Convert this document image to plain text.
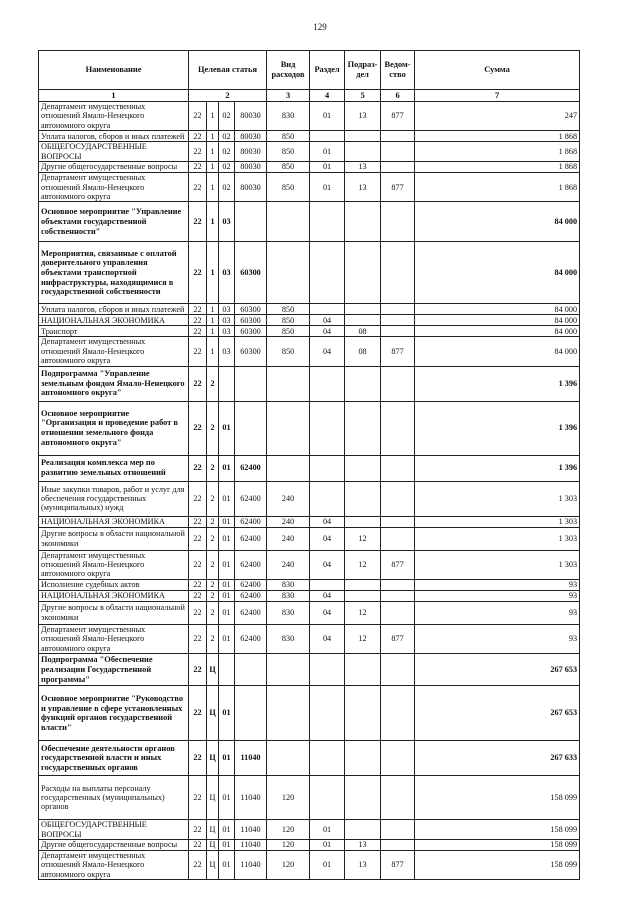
129
Наименование	Целевая статья				Вид расходов	Раздел	Подраз-дел	Ведом-ство	Сумма
1	2				3	4	5	6	7
Департамент имущественных отношений Ямало-Ненецкого автономного округа	22	1	02	80030	830	01	13	877	247
Уплата налогов, сборов и иных платежей	22	1	02	80030	850				1 868
ОБЩЕГОСУДАРСТВЕННЫЕ ВОПРОСЫ	22	1	02	80030	850	01			1 868
Другие общегосударственные вопросы	22	1	02	80030	850	01	13		1 868
Департамент имущественных отношений Ямало-Ненецкого автономного округа	22	1	02	80030	850	01	13	877	1 868
Основное мероприятие "Управление объектами государственной собственности"	22	1	03						84 000
Мероприятия, связанные с оплатой доверительного управления объектами транспортной инфраструктуры, находящимися в государственной собственности	22	1	03	60300					84 000
Уплата налогов, сборов и иных платежей	22	1	03	60300	850				84 000
НАЦИОНАЛЬНАЯ ЭКОНОМИКА	22	1	03	60300	850	04			84 000
Транспорт	22	1	03	60300	850	04	08		84 000
Департамент имущественных отношений Ямало-Ненецкого автономного округа	22	1	03	60300	850	04	08	877	84 000
Подпрограмма "Управление земельным фондом Ямало-Ненецкого автономного округа"	22	2							1 396
Основное мероприятие "Организация и проведение работ в отношении земельного фонда автономного округа"	22	2	01						1 396
Реализация комплекса мер по развитию земельных отношений	22	2	01	62400					1 396
Иные закупки товаров, работ и услуг для обеспечения государственных (муниципальных) нужд	22	2	01	62400	240				1 303
НАЦИОНАЛЬНАЯ ЭКОНОМИКА	22	2	01	62400	240	04			1 303
Другие вопросы в области национальной экономики	22	2	01	62400	240	04	12		1 303
Департамент имущественных отношений Ямало-Ненецкого автономного округа	22	2	01	62400	240	04	12	877	1 303
Исполнение судебных актов	22	2	01	62400	830				93
НАЦИОНАЛЬНАЯ ЭКОНОМИКА	22	2	01	62400	830	04			93
Другие вопросы в области национальной экономики	22	2	01	62400	830	04	12		93
Департамент имущественных отношений Ямало-Ненецкого автономного округа	22	2	01	62400	830	04	12	877	93
Подпрограмма "Обеспечение реализации Государственной программы"	22	Ц							267 653
Основное мероприятие "Руководство и управление в сфере установленных функций органов государственной власти"	22	Ц	01						267 653
Обеспечение деятельности органов государственной власти и иных государственных органов	22	Ц	01	11040					267 633
Расходы на выплаты персоналу государственных (муниципальных) органов	22	Ц	01	11040	120				158 099
ОБЩЕГОСУДАРСТВЕННЫЕ ВОПРОСЫ	22	Ц	01	11040	120	01			158 099
Другие общегосударственные вопросы	22	Ц	01	11040	120	01	13		158 099
Департамент имущественных отношений Ямало-Ненецкого автономного округа	22	Ц	01	11040	120	01	13	877	158 099
